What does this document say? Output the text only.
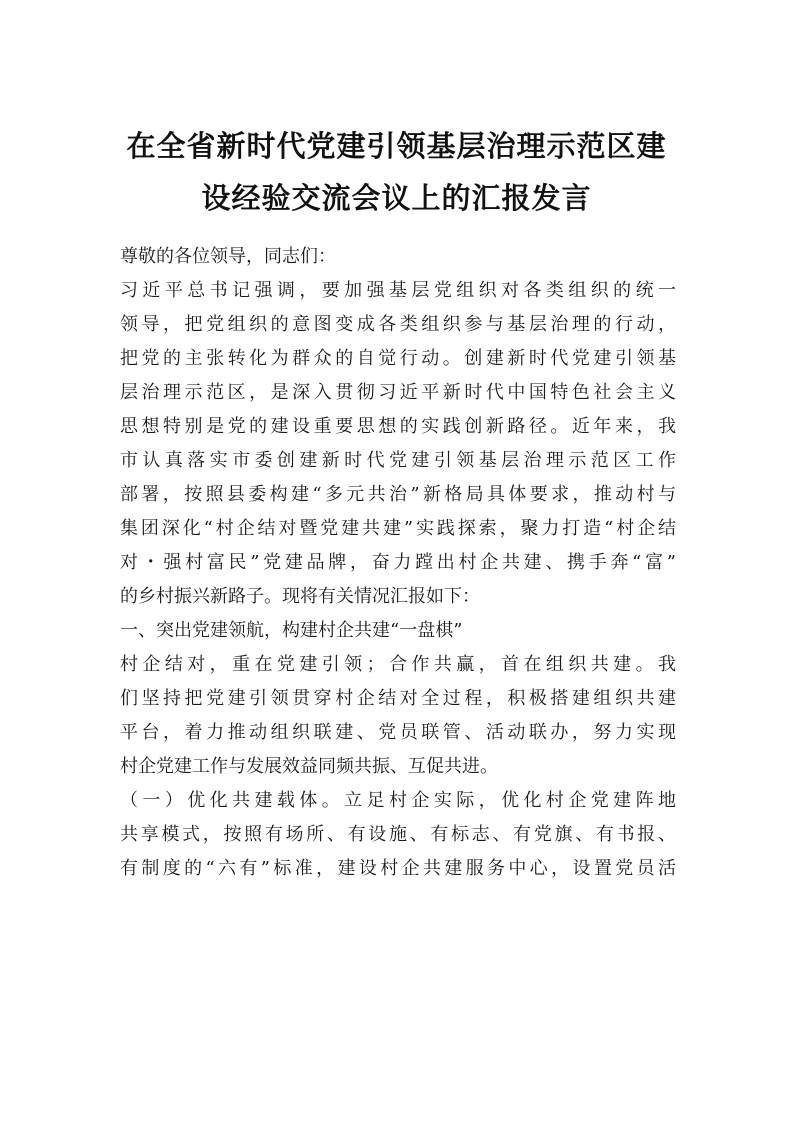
在全省新时代党建引领基层治理示范区建
设经验交流会议上的汇报发言
尊敬的各位领导，同志们：
习近平总书记强调，要加强基层党组织对各类组织的统一
领导，把党组织的意图变成各类组织参与基层治理的行动，
把党的主张转化为群众的自觉行动。创建新时代党建引领基
层治理示范区，是深入贯彻习近平新时代中国特色社会主义
思想特别是党的建设重要思想的实践创新路径。近年来，我
市认真落实市委创建新时代党建引领基层治理示范区工作
部署，按照县委构建“多元共治”新格局具体要求，推动村与
集团深化“村企结对暨党建共建”实践探索，聚力打造“村企结
对・强村富民”党建品牌，奋力蹚出村企共建、携手奔“富”
的乡村振兴新路子。现将有关情况汇报如下：
一、突出党建领航，构建村企共建“一盘棋”
村企结对，重在党建引领；合作共赢，首在组织共建。我
们坚持把党建引领贯穿村企结对全过程，积极搭建组织共建
平台，着力推动组织联建、党员联管、活动联办，努力实现
村企党建工作与发展效益同频共振、互促共进。
（一）优化共建载体。立足村企实际，优化村企党建阵地
共享模式，按照有场所、有设施、有标志、有党旗、有书报、
有制度的“六有”标准，建设村企共建服务中心，设置党员活
